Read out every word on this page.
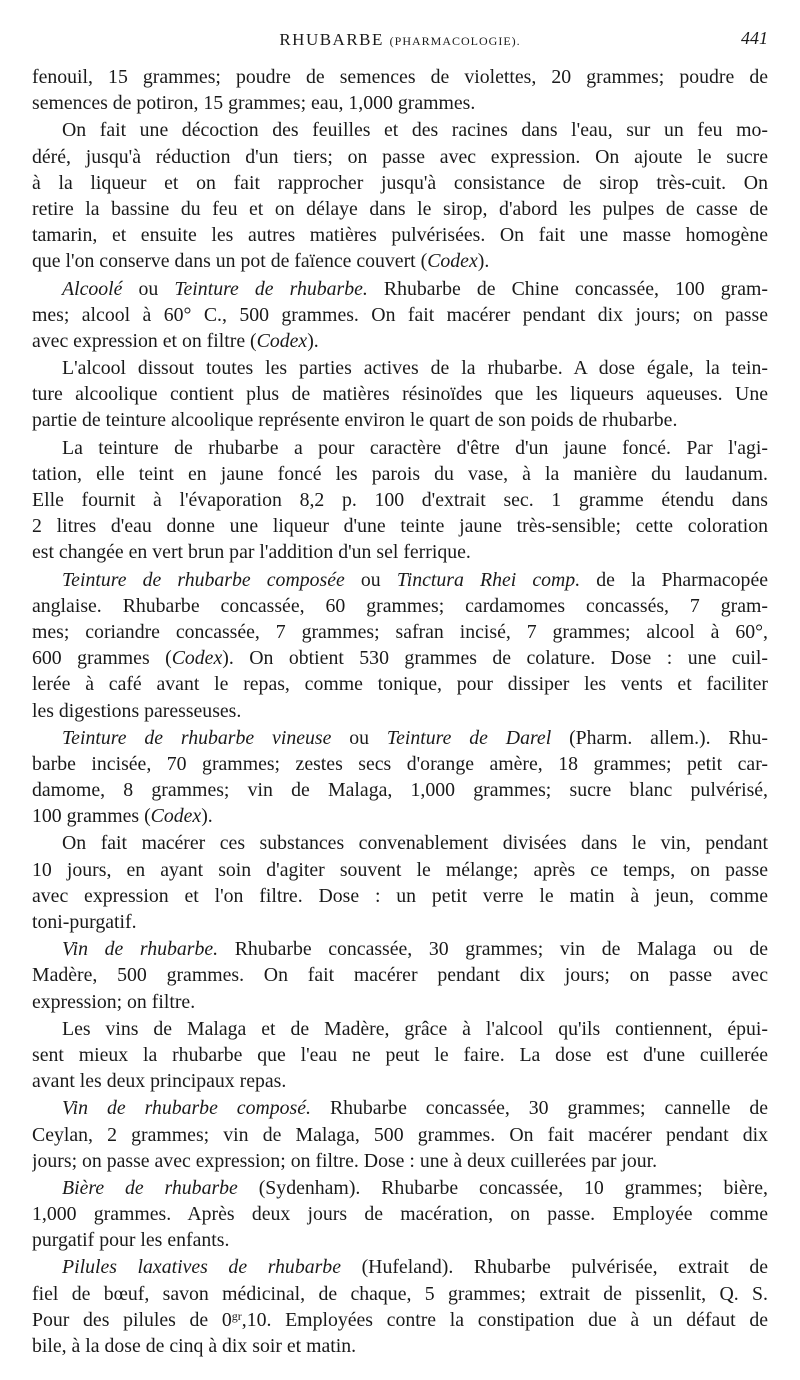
RHUBARBE (PHARMACOLOGIE).	441
fenouil, 15 grammes; poudre de semences de violettes, 20 grammes; poudre de
semences de potiron, 15 grammes; eau, 1,000 grammes.
On fait une décoction des feuilles et des racines dans l'eau, sur un feu mo-
déré, jusqu'à réduction d'un tiers; on passe avec expression. On ajoute le sucre
à la liqueur et on fait rapprocher jusqu'à consistance de sirop très-cuit. On
retire la bassine du feu et on délaye dans le sirop, d'abord les pulpes de casse de
tamarin, et ensuite les autres matières pulvérisées. On fait une masse homogène
que l'on conserve dans un pot de faïence couvert (Codex).
Alcoolé ou Teinture de rhubarbe. Rhubarbe de Chine concassée, 100 gram-
mes; alcool à 60° C., 500 grammes. On fait macérer pendant dix jours; on passe
avec expression et on filtre (Codex).
L'alcool dissout toutes les parties actives de la rhubarbe. A dose égale, la tein-
ture alcoolique contient plus de matières résinoïdes que les liqueurs aqueuses. Une
partie de teinture alcoolique représente environ le quart de son poids de rhubarbe.
La teinture de rhubarbe a pour caractère d'être d'un jaune foncé. Par l'agi-
tation, elle teint en jaune foncé les parois du vase, à la manière du laudanum.
Elle fournit à l'évaporation 8,2 p. 100 d'extrait sec. 1 gramme étendu dans
2 litres d'eau donne une liqueur d'une teinte jaune très-sensible; cette coloration
est changée en vert brun par l'addition d'un sel ferrique.
Teinture de rhubarbe composée ou Tinctura Rhei comp. de la Pharmacopée
anglaise. Rhubarbe concassée, 60 grammes; cardamomes concassés, 7 gram-
mes; coriandre concassée, 7 grammes; safran incisé, 7 grammes; alcool à 60°,
600 grammes (Codex). On obtient 530 grammes de colature. Dose : une cuil-
lerée à café avant le repas, comme tonique, pour dissiper les vents et faciliter
les digestions paresseuses.
Teinture de rhubarbe vineuse ou Teinture de Darel (Pharm. allem.). Rhu-
barbe incisée, 70 grammes; zestes secs d'orange amère, 18 grammes; petit car-
damome, 8 grammes; vin de Malaga, 1,000 grammes; sucre blanc pulvérisé,
100 grammes (Codex).
On fait macérer ces substances convenablement divisées dans le vin, pendant
10 jours, en ayant soin d'agiter souvent le mélange; après ce temps, on passe
avec expression et l'on filtre. Dose : un petit verre le matin à jeun, comme
toni-purgatif.
Vin de rhubarbe. Rhubarbe concassée, 30 grammes; vin de Malaga ou de
Madère, 500 grammes. On fait macérer pendant dix jours; on passe avec
expression; on filtre.
Les vins de Malaga et de Madère, grâce à l'alcool qu'ils contiennent, épui-
sent mieux la rhubarbe que l'eau ne peut le faire. La dose est d'une cuillerée
avant les deux principaux repas.
Vin de rhubarbe composé. Rhubarbe concassée, 30 grammes; cannelle de
Ceylan, 2 grammes; vin de Malaga, 500 grammes. On fait macérer pendant dix
jours; on passe avec expression; on filtre. Dose : une à deux cuillerées par jour.
Bière de rhubarbe (Sydenham). Rhubarbe concassée, 10 grammes; bière,
1,000 grammes. Après deux jours de macération, on passe. Employée comme
purgatif pour les enfants.
Pilules laxatives de rhubarbe (Hufeland). Rhubarbe pulvérisée, extrait de
fiel de bœuf, savon médicinal, de chaque, 5 grammes; extrait de pissenlit, Q. S.
Pour des pilules de $0^{gr},10$. Employées contre la constipation due à un défaut de
bile, à la dose de cinq à dix soir et matin.
